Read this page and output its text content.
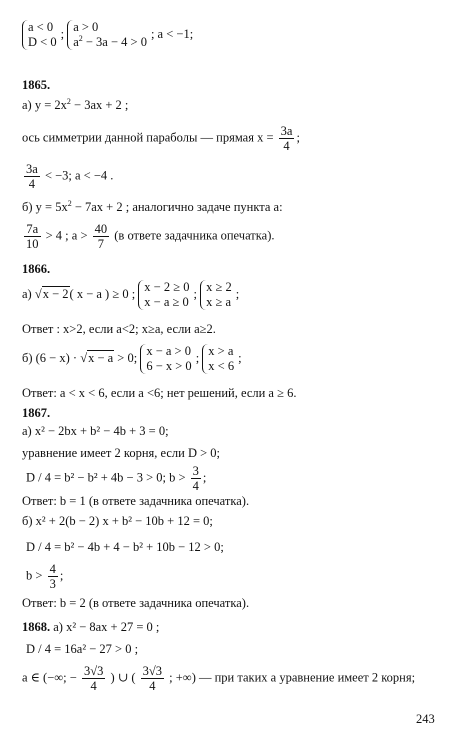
a < 0
D < 0; a > 0
$a^2 - 3a - 4 > 0$; a < −1;
1865.
а) $y = 2x^2 - 3ax + 2$ ;
ось симметрии данной параболы — прямая $x = \frac{3a}{4}$ ;
$\frac{3a}{4} < -3$; a < −4 .
б) $y = 5x^2 - 7ax + 2$ ; аналогично задаче пункта а:
$\frac{7a}{10} > 4$ ; $a > \frac{40}{7} (в$ ответе задачника опечатка).
1866.
а) √x − 2( x − a ) ≥ 0 ; x − 2 ≥ 0
x − a ≥ 0; x ≥ 2
x ≥ a;
Ответ : x>2, если a<2; x≥a, если a≥2.
б) (6 − x) · √x − a > 0; x − a > 0
6 − x > 0; x > a
x < 6;
Ответ: a < x < 6, если a <6; нет решений, если a ≥ 6.
1867.
а) x² − 2bx + b² − 4b + 3 = 0;
уравнение имеет 2 корня, если D > 0;
D / 4 = b² − b² + 4b − 3 > 0; $b > \frac{3}{4}$ ;
Ответ: b = 1 (в ответе задачника опечатка).
б) x² + 2(b − 2) x + b² − 10b + 12 = 0;
D / 4 = b² − 4b + 4 − b² + 10b − 12 > 0;
$b > \frac{4}{3}$ ;
Ответ: b = 2 (в ответе задачника опечатка).
1868. а) x² − 8ax + 27 = 0 ;
D / 4 = 16a² − 27 > 0 ;
a ∈ (−∞; − $\frac{3√3}{4}$ ) ∪ ( $\frac{3√3}{4}$ ; +∞) — при таких a уравнение имеет 2 корня;
243
